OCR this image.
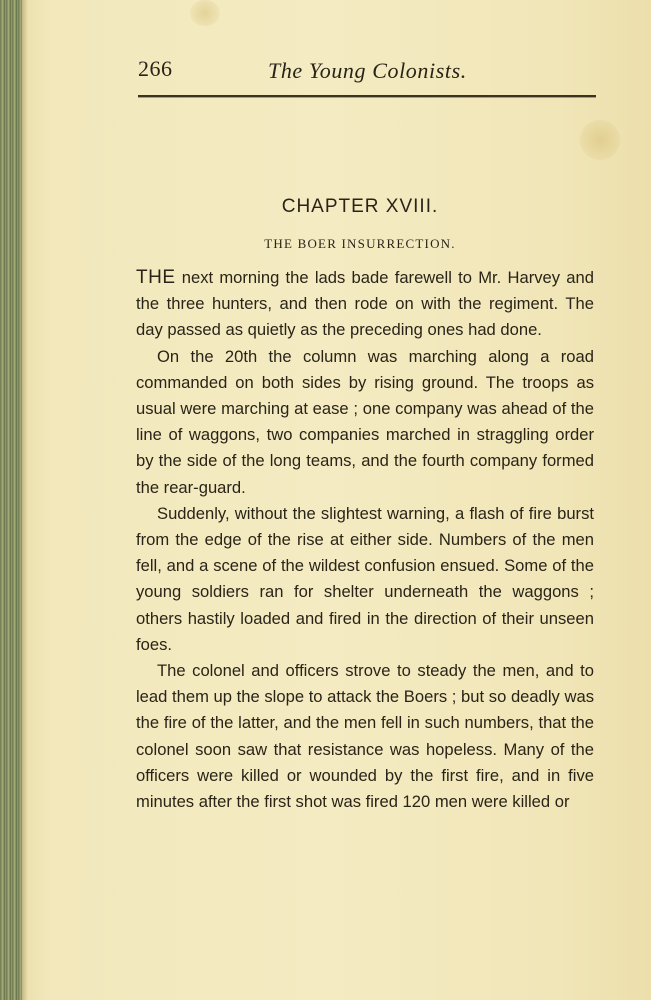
266	The Young Colonists.
CHAPTER XVIII.
THE BOER INSURRECTION.

THE next morning the lads bade farewell to Mr. Harvey and the three hunters, and then rode on with the regiment. The day passed as quietly as the preceding ones had done.

On the 20th the column was marching along a road commanded on both sides by rising ground. The troops as usual were marching at ease ; one company was ahead of the line of waggons, two companies marched in straggling order by the side of the long teams, and the fourth company formed the rear-guard.

Suddenly, without the slightest warning, a flash of fire burst from the edge of the rise at either side. Numbers of the men fell, and a scene of the wildest confusion ensued. Some of the young soldiers ran for shelter underneath the waggons ; others hastily loaded and fired in the direction of their unseen foes.

The colonel and officers strove to steady the men, and to lead them up the slope to attack the Boers ; but so deadly was the fire of the latter, and the men fell in such numbers, that the colonel soon saw that resistance was hopeless. Many of the officers were killed or wounded by the first fire, and in five minutes after the first shot was fired 120 men were killed or
